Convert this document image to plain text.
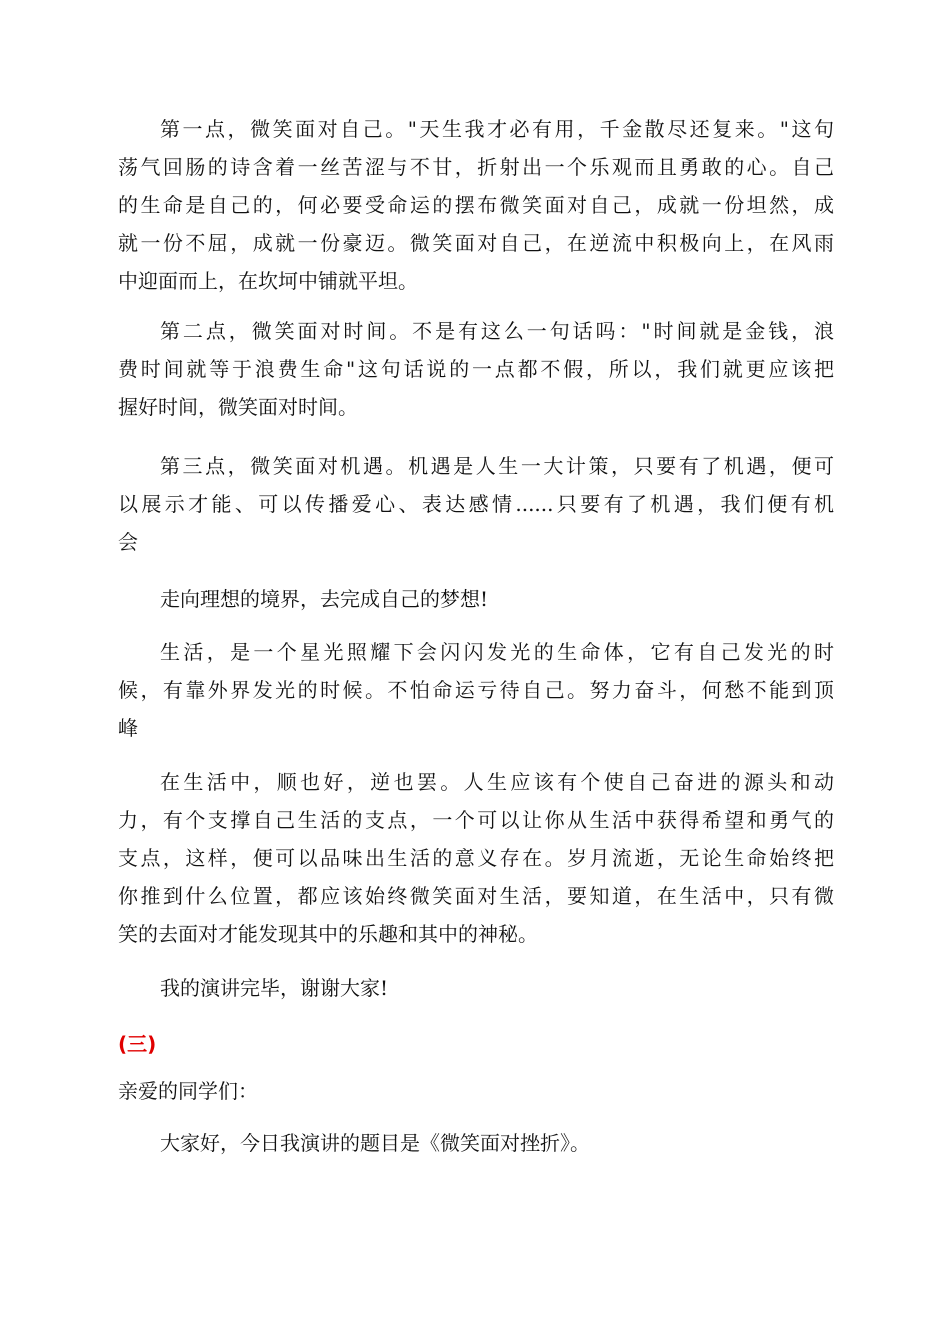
第一点，微笑面对自己。"天生我才必有用，千金散尽还复来。"这句
荡气回肠的诗含着一丝苦涩与不甘，折射出一个乐观而且勇敢的心。自己
的生命是自己的，何必要受命运的摆布微笑面对自己，成就一份坦然，成
就一份不屈，成就一份豪迈。微笑面对自己，在逆流中积极向上，在风雨
中迎面而上，在坎坷中铺就平坦。
第二点，微笑面对时间。不是有这么一句话吗："时间就是金钱，浪
费时间就等于浪费生命"这句话说的一点都不假，所以，我们就更应该把
握好时间，微笑面对时间。
第三点，微笑面对机遇。机遇是人生一大计策，只要有了机遇，便可
以展示才能、可以传播爱心、表达感情......只要有了机遇，我们便有机
会
走向理想的境界，去完成自己的梦想!
生活，是一个星光照耀下会闪闪发光的生命体，它有自己发光的时
候，有靠外界发光的时候。不怕命运亏待自己。努力奋斗，何愁不能到顶
峰
在生活中，顺也好，逆也罢。人生应该有个使自己奋进的源头和动
力，有个支撑自己生活的支点，一个可以让你从生活中获得希望和勇气的
支点，这样，便可以品味出生活的意义存在。岁月流逝，无论生命始终把
你推到什么位置，都应该始终微笑面对生活，要知道，在生活中，只有微
笑的去面对才能发现其中的乐趣和其中的神秘。
我的演讲完毕，谢谢大家!
(三)
亲爱的同学们：
大家好，今日我演讲的题目是《微笑面对挫折》。
